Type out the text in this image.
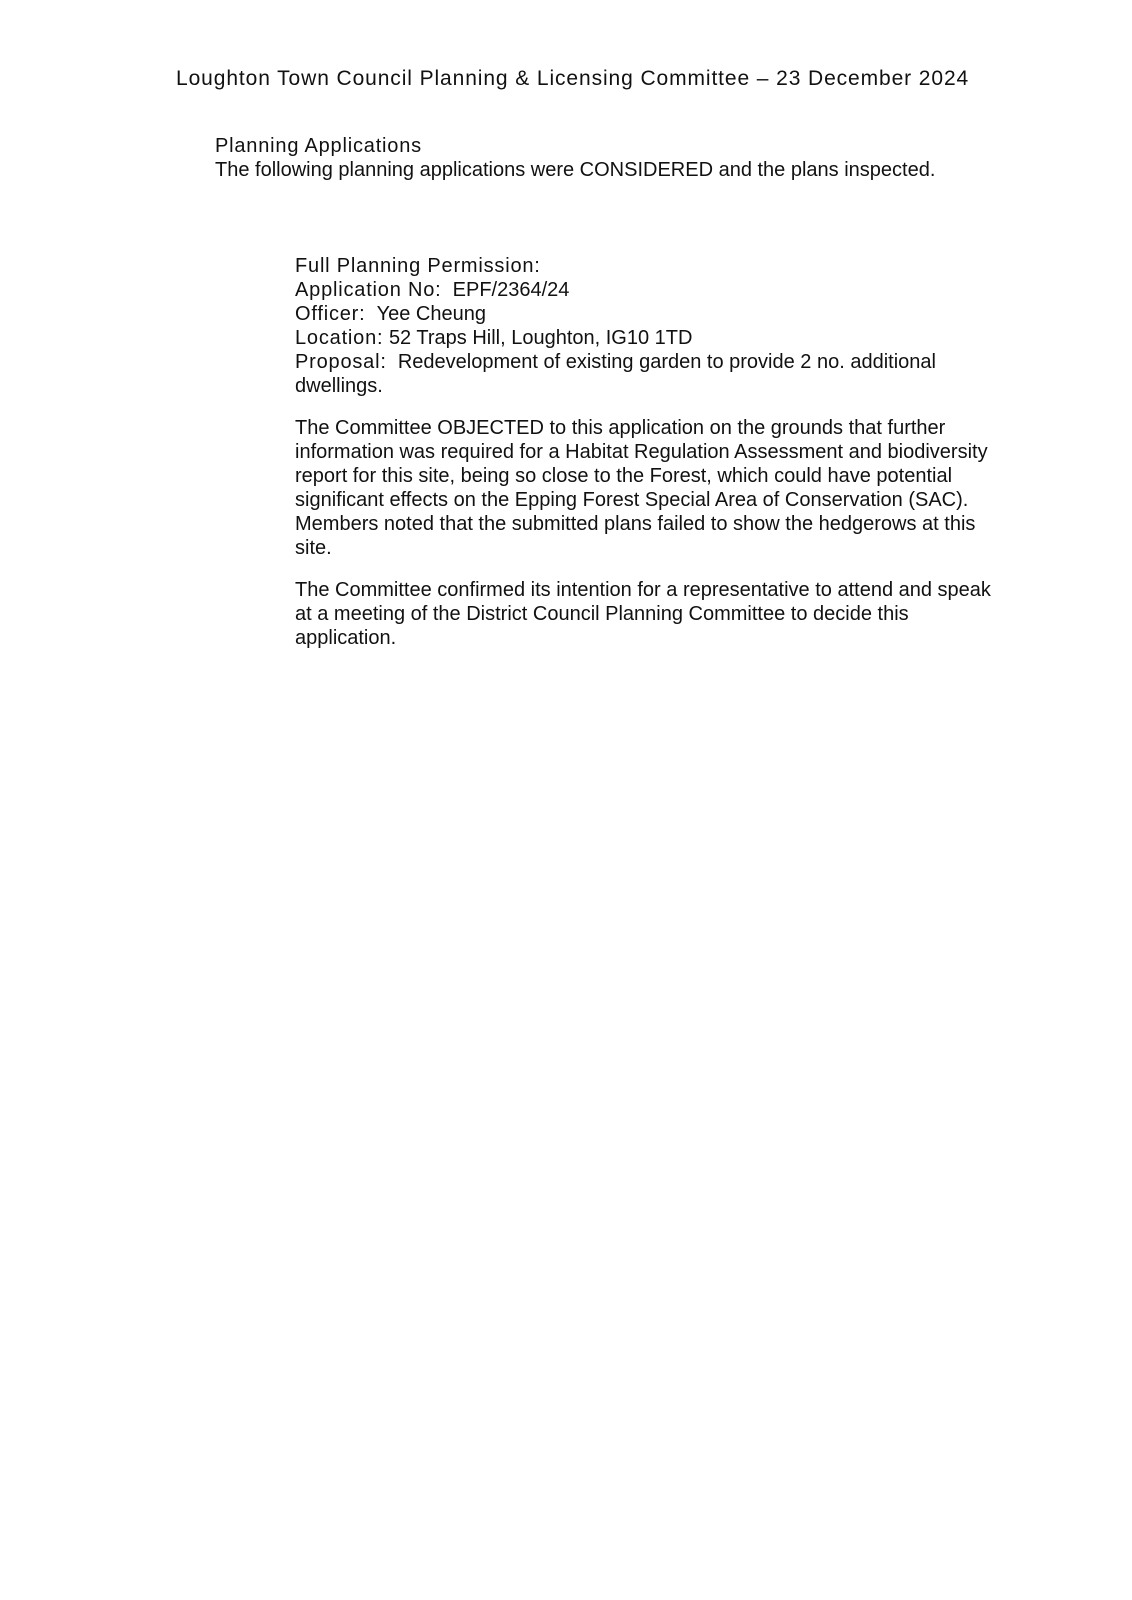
Loughton Town Council Planning & Licensing Committee – 23 December 2024

Planning Applications

The following planning applications were CONSIDERED and the plans inspected.

Full Planning Permission:

Application No: EPF/2364/24

Officer: Yee Cheung

Location: 52 Traps Hill, Loughton, IG10 1TD

Proposal: Redevelopment of existing garden to provide 2 no. additional dwellings.

The Committee OBJECTED to this application on the grounds that further information was required for a Habitat Regulation Assessment and biodiversity report for this site, being so close to the Forest, which could have potential significant effects on the Epping Forest Special Area of Conservation (SAC). Members noted that the submitted plans failed to show the hedgerows at this site.

The Committee confirmed its intention for a representative to attend and speak at a meeting of the District Council Planning Committee to decide this application.
